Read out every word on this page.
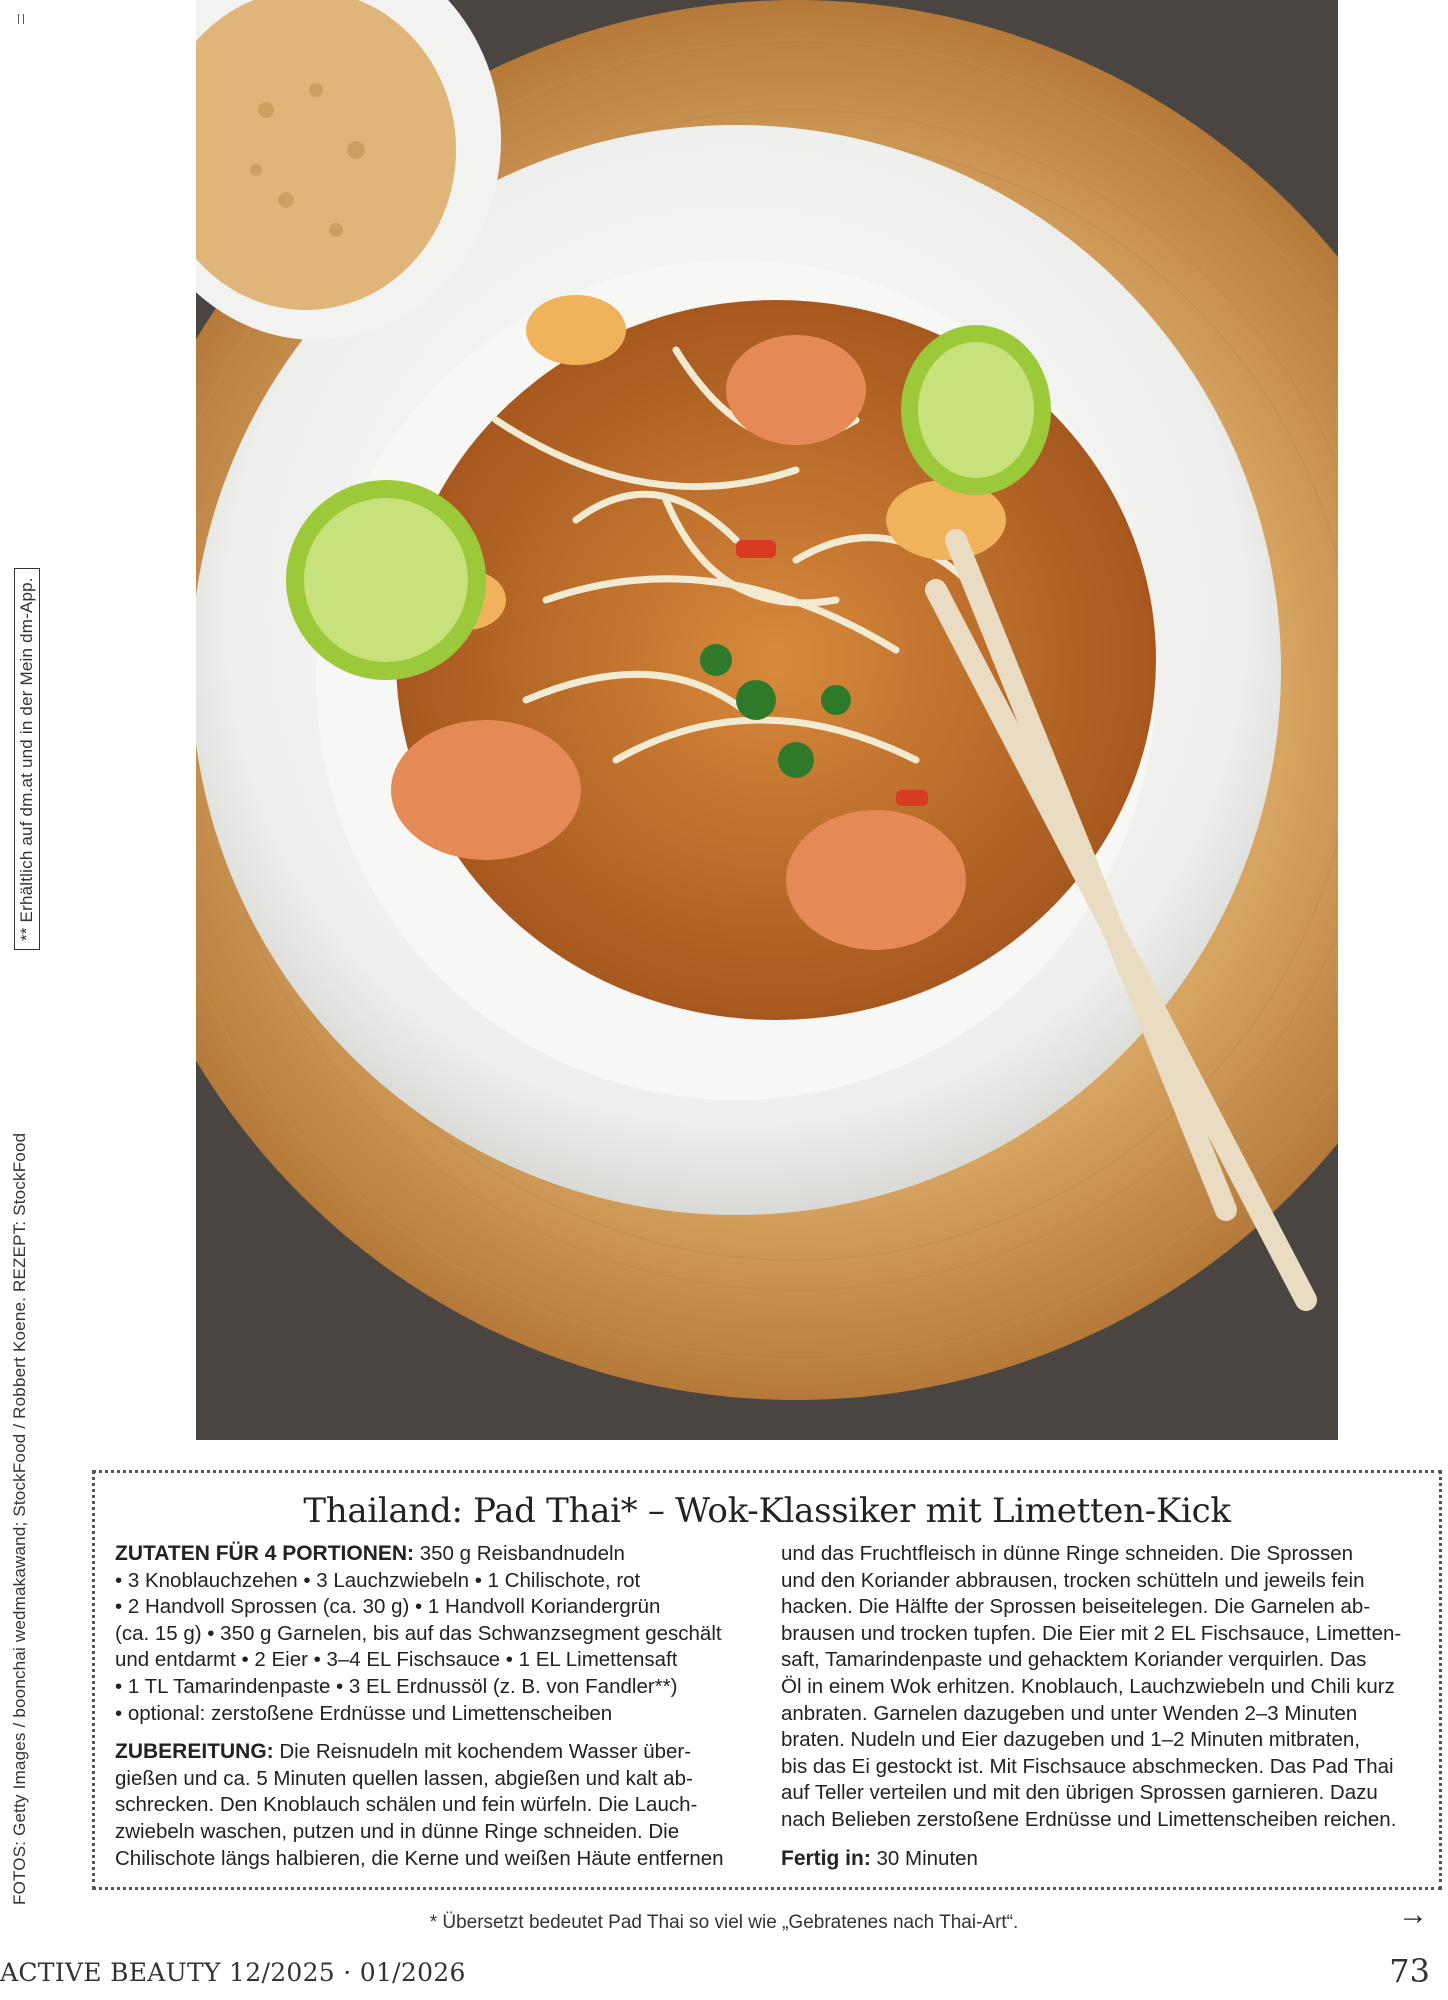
** Erhältlich auf dm.at und in der Mein dm-App.
FOTOS: Getty Images / boonchai wedmakawand; StockFood / Robbert Koene. REZEPT: StockFood	Thailand: Pad Thai* – Wok-Klassiker mit Limetten-Kick

ZUTATEN FÜR 4 PORTIONEN: 350 g Reisbandnudeln
• 3 Knoblauchzehen • 3 Lauchzwiebeln • 1 Chilischote, rot
• 2 Handvoll Sprossen (ca. 30 g) • 1 Handvoll Koriandergrün
(ca. 15 g) • 350 g Garnelen, bis auf das Schwanzsegment geschält
und entdarmt • 2 Eier • 3–4 EL Fischsauce • 1 EL Limettensaft
• 1 TL Tamarindenpaste • 3 EL Erdnussöl (z. B. von Fandler**)
• optional: zerstoßene Erdnüsse und Limettenscheiben

ZUBEREITUNG: Die Reisnudeln mit kochendem Wasser über-
gießen und ca. 5 Minuten quellen lassen, abgießen und kalt ab-
schrecken. Den Knoblauch schälen und fein würfeln. Die Lauch-
zwiebeln waschen, putzen und in dünne Ringe schneiden. Die
Chilischote längs halbieren, die Kerne und weißen Häute entfernen

und das Fruchtfleisch in dünne Ringe schneiden. Die Sprossen
und den Koriander abbrausen, trocken schütteln und jeweils fein
hacken. Die Hälfte der Sprossen beiseitelegen. Die Garnelen ab-
brausen und trocken tupfen. Die Eier mit 2 EL Fischsauce, Limetten-
saft, Tamarindenpaste und gehacktem Koriander verquirlen. Das
Öl in einem Wok erhitzen. Knoblauch, Lauchzwiebeln und Chili kurz
anbraten. Garnelen dazugeben und unter Wenden 2–3 Minuten
braten. Nudeln und Eier dazugeben und 1–2 Minuten mitbraten,
bis das Ei gestockt ist. Mit Fischsauce abschmecken. Das Pad Thai
auf Teller verteilen und mit den übrigen Sprossen garnieren. Dazu
nach Belieben zerstoßene Erdnüsse und Limettenscheiben reichen.

Fertig in: 30 Minuten

* Übersetzt bedeutet Pad Thai so viel wie „Gebratenes nach Thai-Art“.	→
ACTIVE BEAUTY 12/2025 · 01/2026	73
